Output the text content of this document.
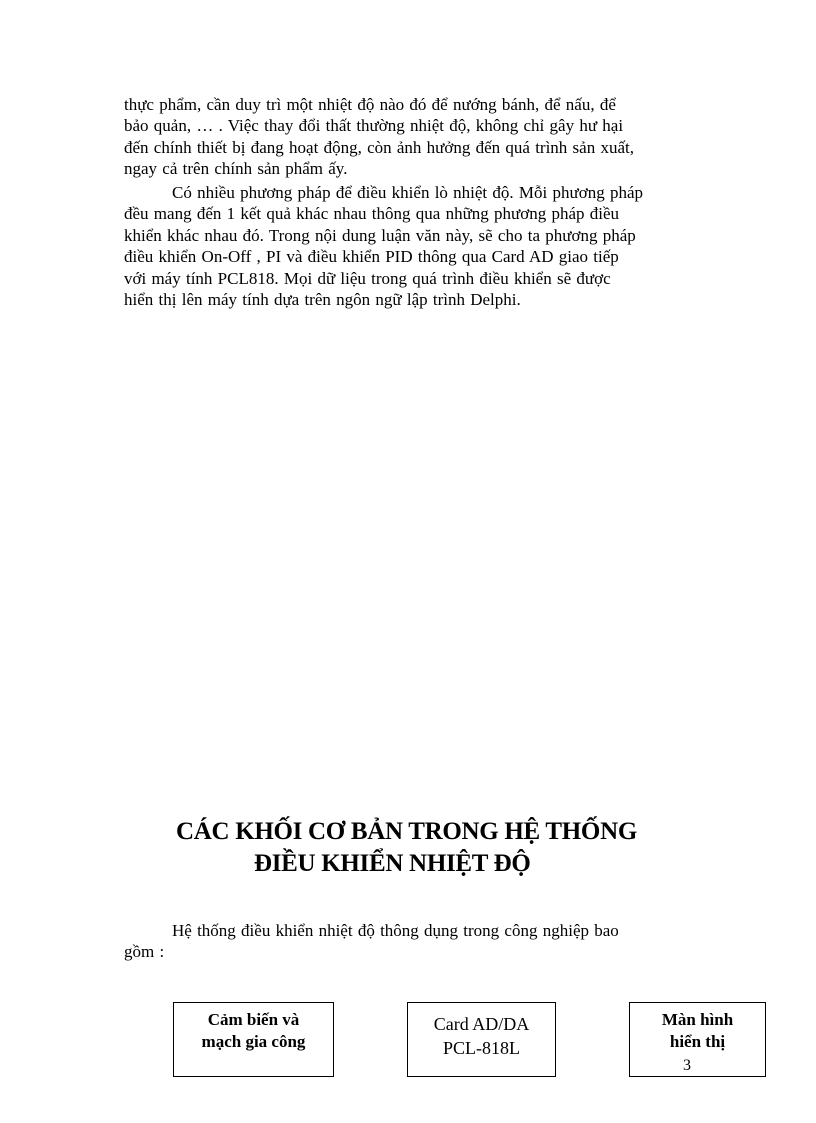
thực phẩm, cần duy trì một nhiệt độ nào đó để nướng bánh, để nấu, để
bảo quản, … . Việc thay đổi thất thường nhiệt độ, không chỉ gây hư hại
đến chính thiết bị đang hoạt động, còn ảnh hưởng đến quá trình sản xuất,
ngay cả trên chính sản phẩm ấy.
Có nhiều phương pháp để điều khiển lò nhiệt độ. Mỗi phương pháp
đều mang đến 1 kết quả khác nhau thông qua những phương pháp điều
khiển khác nhau đó. Trong nội dung luận văn này, sẽ cho ta phương pháp
điều khiển On-Off , PI và điều khiển PID thông qua Card AD giao tiếp
với máy tính PCL818. Mọi dữ liệu trong quá trình điều khiển sẽ được
hiển thị lên máy tính dựa trên ngôn ngữ lập trình Delphi.
CÁC KHỐI CƠ BẢN TRONG HỆ THỐNG
ĐIỀU KHIỂN NHIỆT ĐỘ
Hệ thống điều khiển nhiệt độ thông dụng trong công nghiệp bao
gồm :
Cảm biến và
mạch gia công
Card AD/DA
PCL-818L
Màn hình
hiển thị
3
